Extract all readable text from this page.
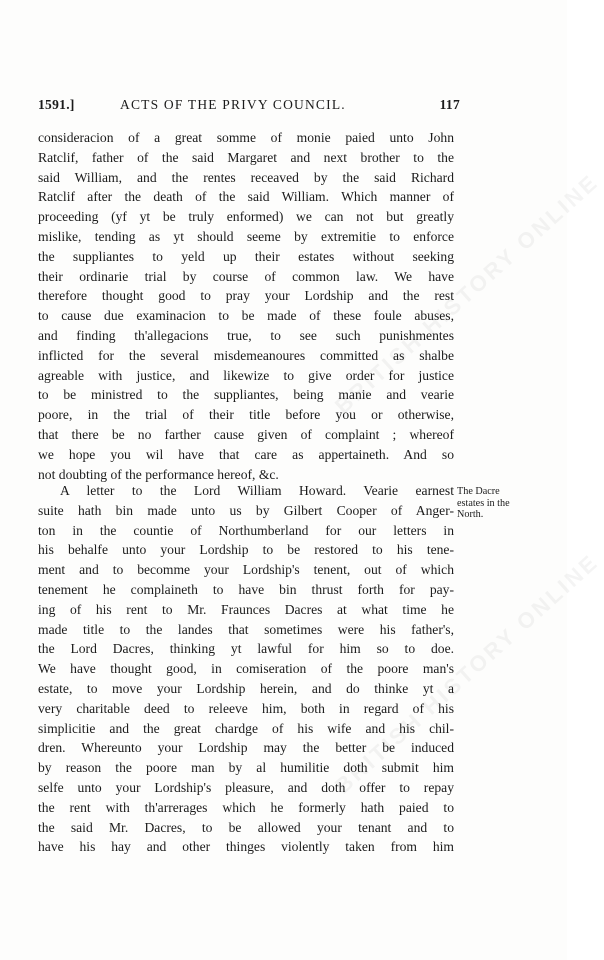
BRITISH HISTORY ONLINE
BRITISH HISTORY ONLINE
1591.]	ACTS OF THE PRIVY COUNCIL.	117
consideracion of a great somme of monie paied unto John
Ratclif, father of the said Margaret and next brother to the
said William, and the rentes receaved by the said Richard
Ratclif after the death of the said William. Which manner of
proceeding (yf yt be truly enformed) we can not but greatly
mislike, tending as yt should seeme by extremitie to enforce
the suppliantes to yeld up their estates without seeking
their ordinarie trial by course of common law. We have
therefore thought good to pray your Lordship and the rest
to cause due examinacion to be made of these foule abuses,
and finding th'allegacions true, to see such punishmentes
inflicted for the several misdemeanoures committed as shalbe
agreable with justice, and likewize to give order for justice
to be ministred to the suppliantes, being manie and vearie
poore, in the trial of their title before you or otherwise,
that there be no farther cause given of complaint ; whereof
we hope you wil have that care as appertaineth. And so
not doubting of the performance hereof, &c.
A letter to the Lord William Howard. Vearie earnest
suite hath bin made unto us by Gilbert Cooper of Anger-
ton in the countie of Northumberland for our letters in
his behalfe unto your Lordship to be restored to his tene-
ment and to becomme your Lordship's tenent, out of which
tenement he complaineth to have bin thrust forth for pay-
ing of his rent to Mr. Fraunces Dacres at what time he
made title to the landes that sometimes were his father's,
the Lord Dacres, thinking yt lawful for him so to doe.
We have thought good, in comiseration of the poore man's
estate, to move your Lordship herein, and do thinke yt a
very charitable deed to releeve him, both in regard of his
simplicitie and the great chardge of his wife and his chil-
dren. Whereunto your Lordship may the better be induced
by reason the poore man by al humilitie doth submit him
selfe unto your Lordship's pleasure, and doth offer to repay
the rent with th'arrerages which he formerly hath paied to
the said Mr. Dacres, to be allowed your tenant and to
have his hay and other thinges violently taken from him
The Dacre
estates in the
North.
